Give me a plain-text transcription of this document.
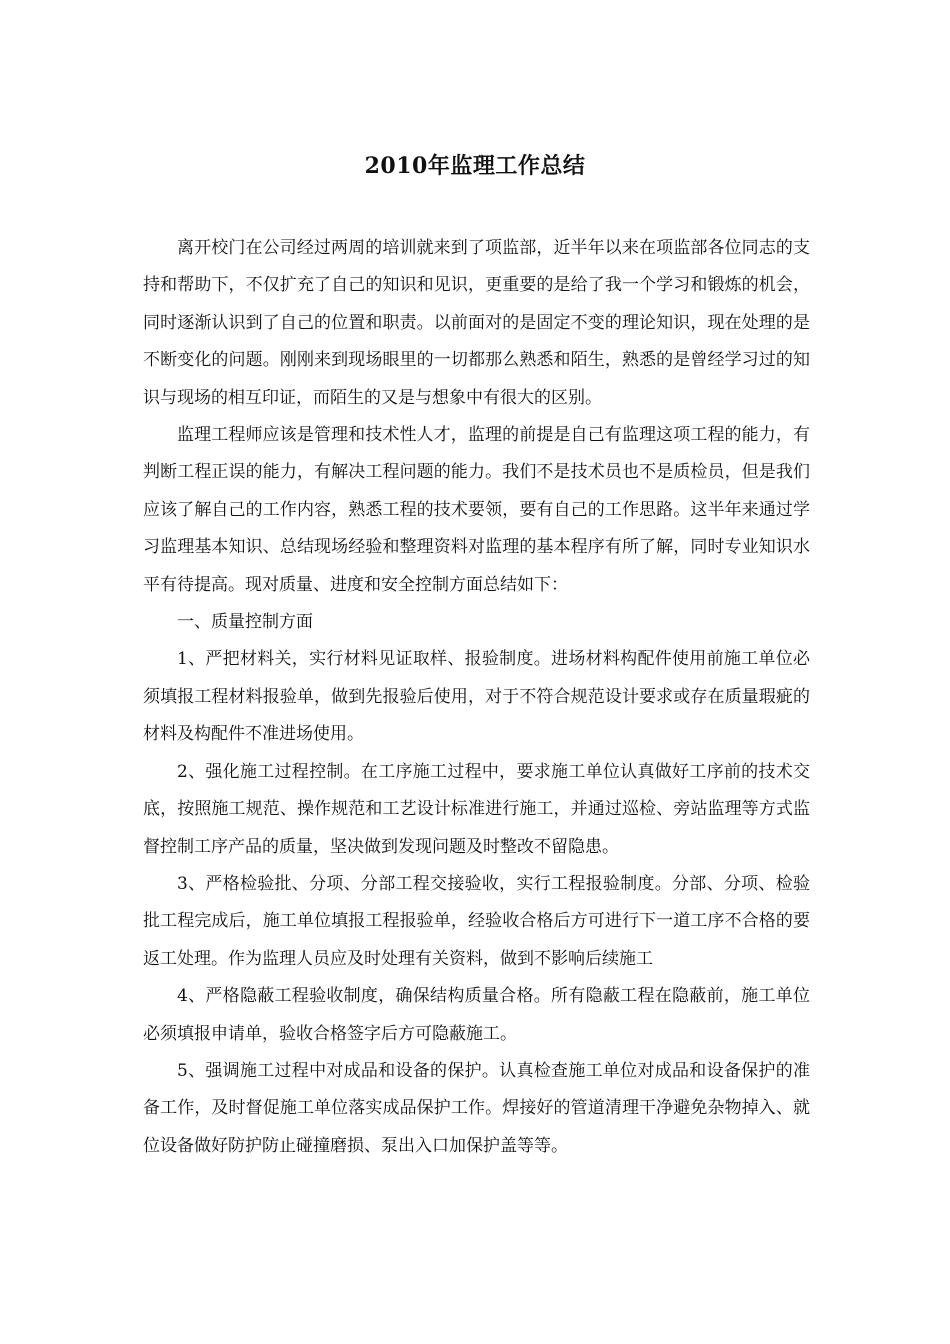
2010年监理工作总结

离开校门在公司经过两周的培训就来到了项监部，近半年以来在项监部各位同志的支持和帮助下，不仅扩充了自己的知识和见识，更重要的是给了我一个学习和锻炼的机会，同时逐渐认识到了自己的位置和职责。以前面对的是固定不变的理论知识，现在处理的是不断变化的问题。刚刚来到现场眼里的一切都那么熟悉和陌生，熟悉的是曾经学习过的知识与现场的相互印证，而陌生的又是与想象中有很大的区别。

监理工程师应该是管理和技术性人才，监理的前提是自己有监理这项工程的能力，有判断工程正误的能力，有解决工程问题的能力。我们不是技术员也不是质检员，但是我们应该了解自己的工作内容，熟悉工程的技术要领，要有自己的工作思路。这半年来通过学习监理基本知识、总结现场经验和整理资料对监理的基本程序有所了解，同时专业知识水平有待提高。现对质量、进度和安全控制方面总结如下：

一、质量控制方面

1、严把材料关，实行材料见证取样、报验制度。进场材料构配件使用前施工单位必须填报工程材料报验单，做到先报验后使用，对于不符合规范设计要求或存在质量瑕疵的材料及构配件不准进场使用。

2、强化施工过程控制。在工序施工过程中，要求施工单位认真做好工序前的技术交底，按照施工规范、操作规范和工艺设计标准进行施工，并通过巡检、旁站监理等方式监督控制工序产品的质量，坚决做到发现问题及时整改不留隐患。

3、严格检验批、分项、分部工程交接验收，实行工程报验制度。分部、分项、检验批工程完成后，施工单位填报工程报验单，经验收合格后方可进行下一道工序不合格的要返工处理。作为监理人员应及时处理有关资料，做到不影响后续施工

4、严格隐蔽工程验收制度，确保结构质量合格。所有隐蔽工程在隐蔽前，施工单位必须填报申请单，验收合格签字后方可隐蔽施工。

5、强调施工过程中对成品和设备的保护。认真检查施工单位对成品和设备保护的准备工作，及时督促施工单位落实成品保护工作。焊接好的管道清理干净避免杂物掉入、就位设备做好防护防止碰撞磨损、泵出入口加保护盖等等。
